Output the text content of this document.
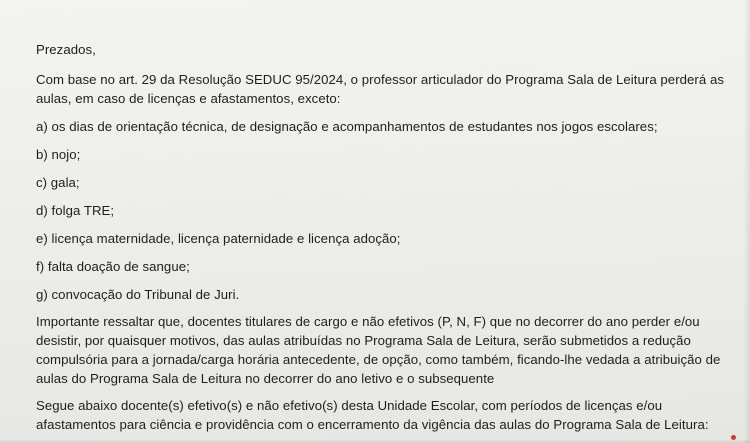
Prezados,

Com base no art. 29 da Resolução SEDUC 95/2024, o professor articulador do Programa Sala de Leitura perderá as aulas, em caso de licenças e afastamentos, exceto:

a) os dias de orientação técnica, de designação e acompanhamentos de estudantes nos jogos escolares;

b) nojo;

c) gala;

d) folga TRE;

e) licença maternidade, licença paternidade e licença adoção;

f) falta doação de sangue;

g) convocação do Tribunal de Juri.

Importante ressaltar que, docentes titulares de cargo e não efetivos (P, N, F) que no decorrer do ano perder e/ou desistir, por quaisquer motivos, das aulas atribuídas no Programa Sala de Leitura, serão submetidos a redução compulsória para a jornada/carga horária antecedente, de opção, como também, ficando-lhe vedada a atribuição de aulas do Programa Sala de Leitura no decorrer do ano letivo e o subsequente

Segue abaixo docente(s) efetivo(s) e não efetivo(s) desta Unidade Escolar, com períodos de licenças e/ou afastamentos para ciência e providência com o encerramento da vigência das aulas do Programa Sala de Leitura:
